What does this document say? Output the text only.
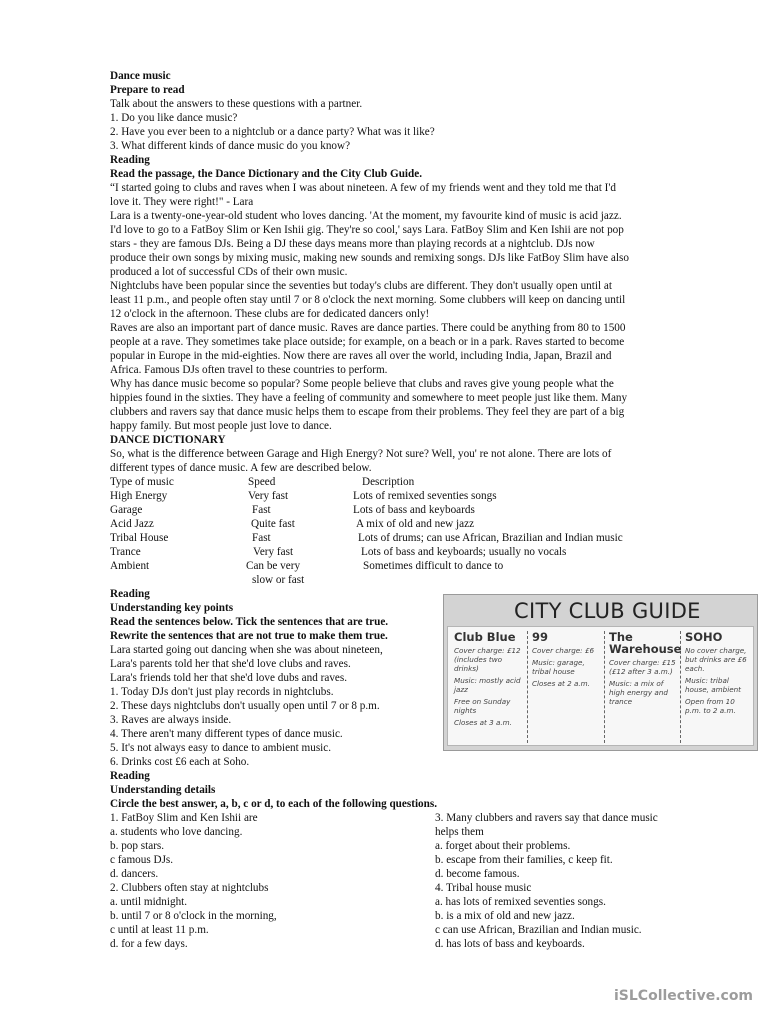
Dance music
Prepare to read
Talk about the answers to these questions with a partner.
1. Do you like dance music?
2. Have you ever been to a nightclub or a dance party? What was it like?
3. What different kinds of dance music do you know?
Reading
Read the passage, the Dance Dictionary and the City Club Guide.
“I started going to clubs and raves when I was about nineteen. A few of my friends went and they told me that I'd
love it. They were right!" - Lara
Lara is a twenty-one-year-old student who loves dancing. 'At the moment, my favourite kind of music is acid jazz.
I'd love to go to a FatBoy Slim or Ken Ishii gig. They're so cool,' says Lara. FatBoy Slim and Ken Ishii are not pop
stars - they are famous DJs. Being a DJ these days means more than playing records at a nightclub. DJs now
produce their own songs by mixing music, making new sounds and remixing songs. DJs like FatBoy Slim have also
produced a lot of successful CDs of their own music.
Nightclubs have been popular since the seventies but today's clubs are different. They don't usually open until at
least 11 p.m., and people often stay until 7 or 8 o'clock the next morning. Some clubbers will keep on dancing until
12 o'clock in the afternoon. These clubs are for dedicated dancers only!
Raves are also an important part of dance music. Raves are dance parties. There could be anything from 80 to 1500
people at a rave. They sometimes take place outside; for example, on a beach or in a park. Raves started to become
popular in Europe in the mid-eighties. Now there are raves all over the world, including India, Japan, Brazil and
Africa. Famous DJs often travel to these countries to perform.
Why has dance music become so popular? Some people believe that clubs and raves give young people what the
hippies found in the sixties. They have a feeling of community and somewhere to meet people just like them. Many
clubbers and ravers say that dance music helps them to escape from their problems. They feel they are part of a big
happy family. But most people just love to dance.
DANCE DICTIONARY
So, what is the difference between Garage and High Energy? Not sure? Well, you' re not alone. There are lots of
different types of dance music. A few are described below.
Type of music	Speed	Description
High Energy	Very fast	Lots of remixed seventies songs
Garage	Fast	Lots of bass and keyboards
Acid Jazz	Quite fast	A mix of old and new jazz
Tribal House	Fast	Lots of drums; can use African, Brazilian and Indian music
Trance	Very fast	Lots of bass and keyboards; usually no vocals
Ambient	Can be very	Sometimes difficult to dance to
slow or fast
Reading
Understanding key points
Read the sentences below. Tick the sentences that are true.
Rewrite the sentences that are not true to make them true.
Lara started going out dancing when she was about nineteen,
Lara's parents told her that she'd love clubs and raves.
Lara's friends told her that she'd love dubs and raves.
1. Today DJs don't just play records in nightclubs.
2. These days nightclubs don't usually open until 7 or 8 p.m.
3. Raves are always inside.
4. There aren't many different types of dance music.
5. It's not always easy to dance to ambient music.
6. Drinks cost £6 each at Soho.
CITY CLUB GUIDE
Club Blue
Cover charge: £12 (includes two drinks)
Music: mostly acid jazz
Free on Sunday nights
Closes at 3 a.m.
99
Cover charge: £6
Music: garage, tribal house
Closes at 2 a.m.
The Warehouse
Cover charge: £15 (£12 after 3 a.m.)
Music: a mix of high energy and trance
SOHO
No cover charge, but drinks are £6 each.
Music: tribal house, ambient
Open from 10 p.m. to 2 a.m.
Reading
Understanding details
Circle the best answer, a, b, c or d, to each of the following questions.
1. FatBoy Slim and Ken Ishii are
a. students who love dancing.
b. pop stars.
c famous DJs.
d. dancers.
2. Clubbers often stay at nightclubs
a. until midnight.
b. until 7 or 8 o'clock in the morning,
c until at least 11 p.m.
d. for a few days.
3. Many clubbers and ravers say that dance music
helps them
a. forget about their problems.
b. escape from their families, c keep fit.
d. become famous.
4. Tribal house music
a. has lots of remixed seventies songs.
b. is a mix of old and new jazz.
c can use African, Brazilian and Indian music.
d. has lots of bass and keyboards.
iSLCollective.com
